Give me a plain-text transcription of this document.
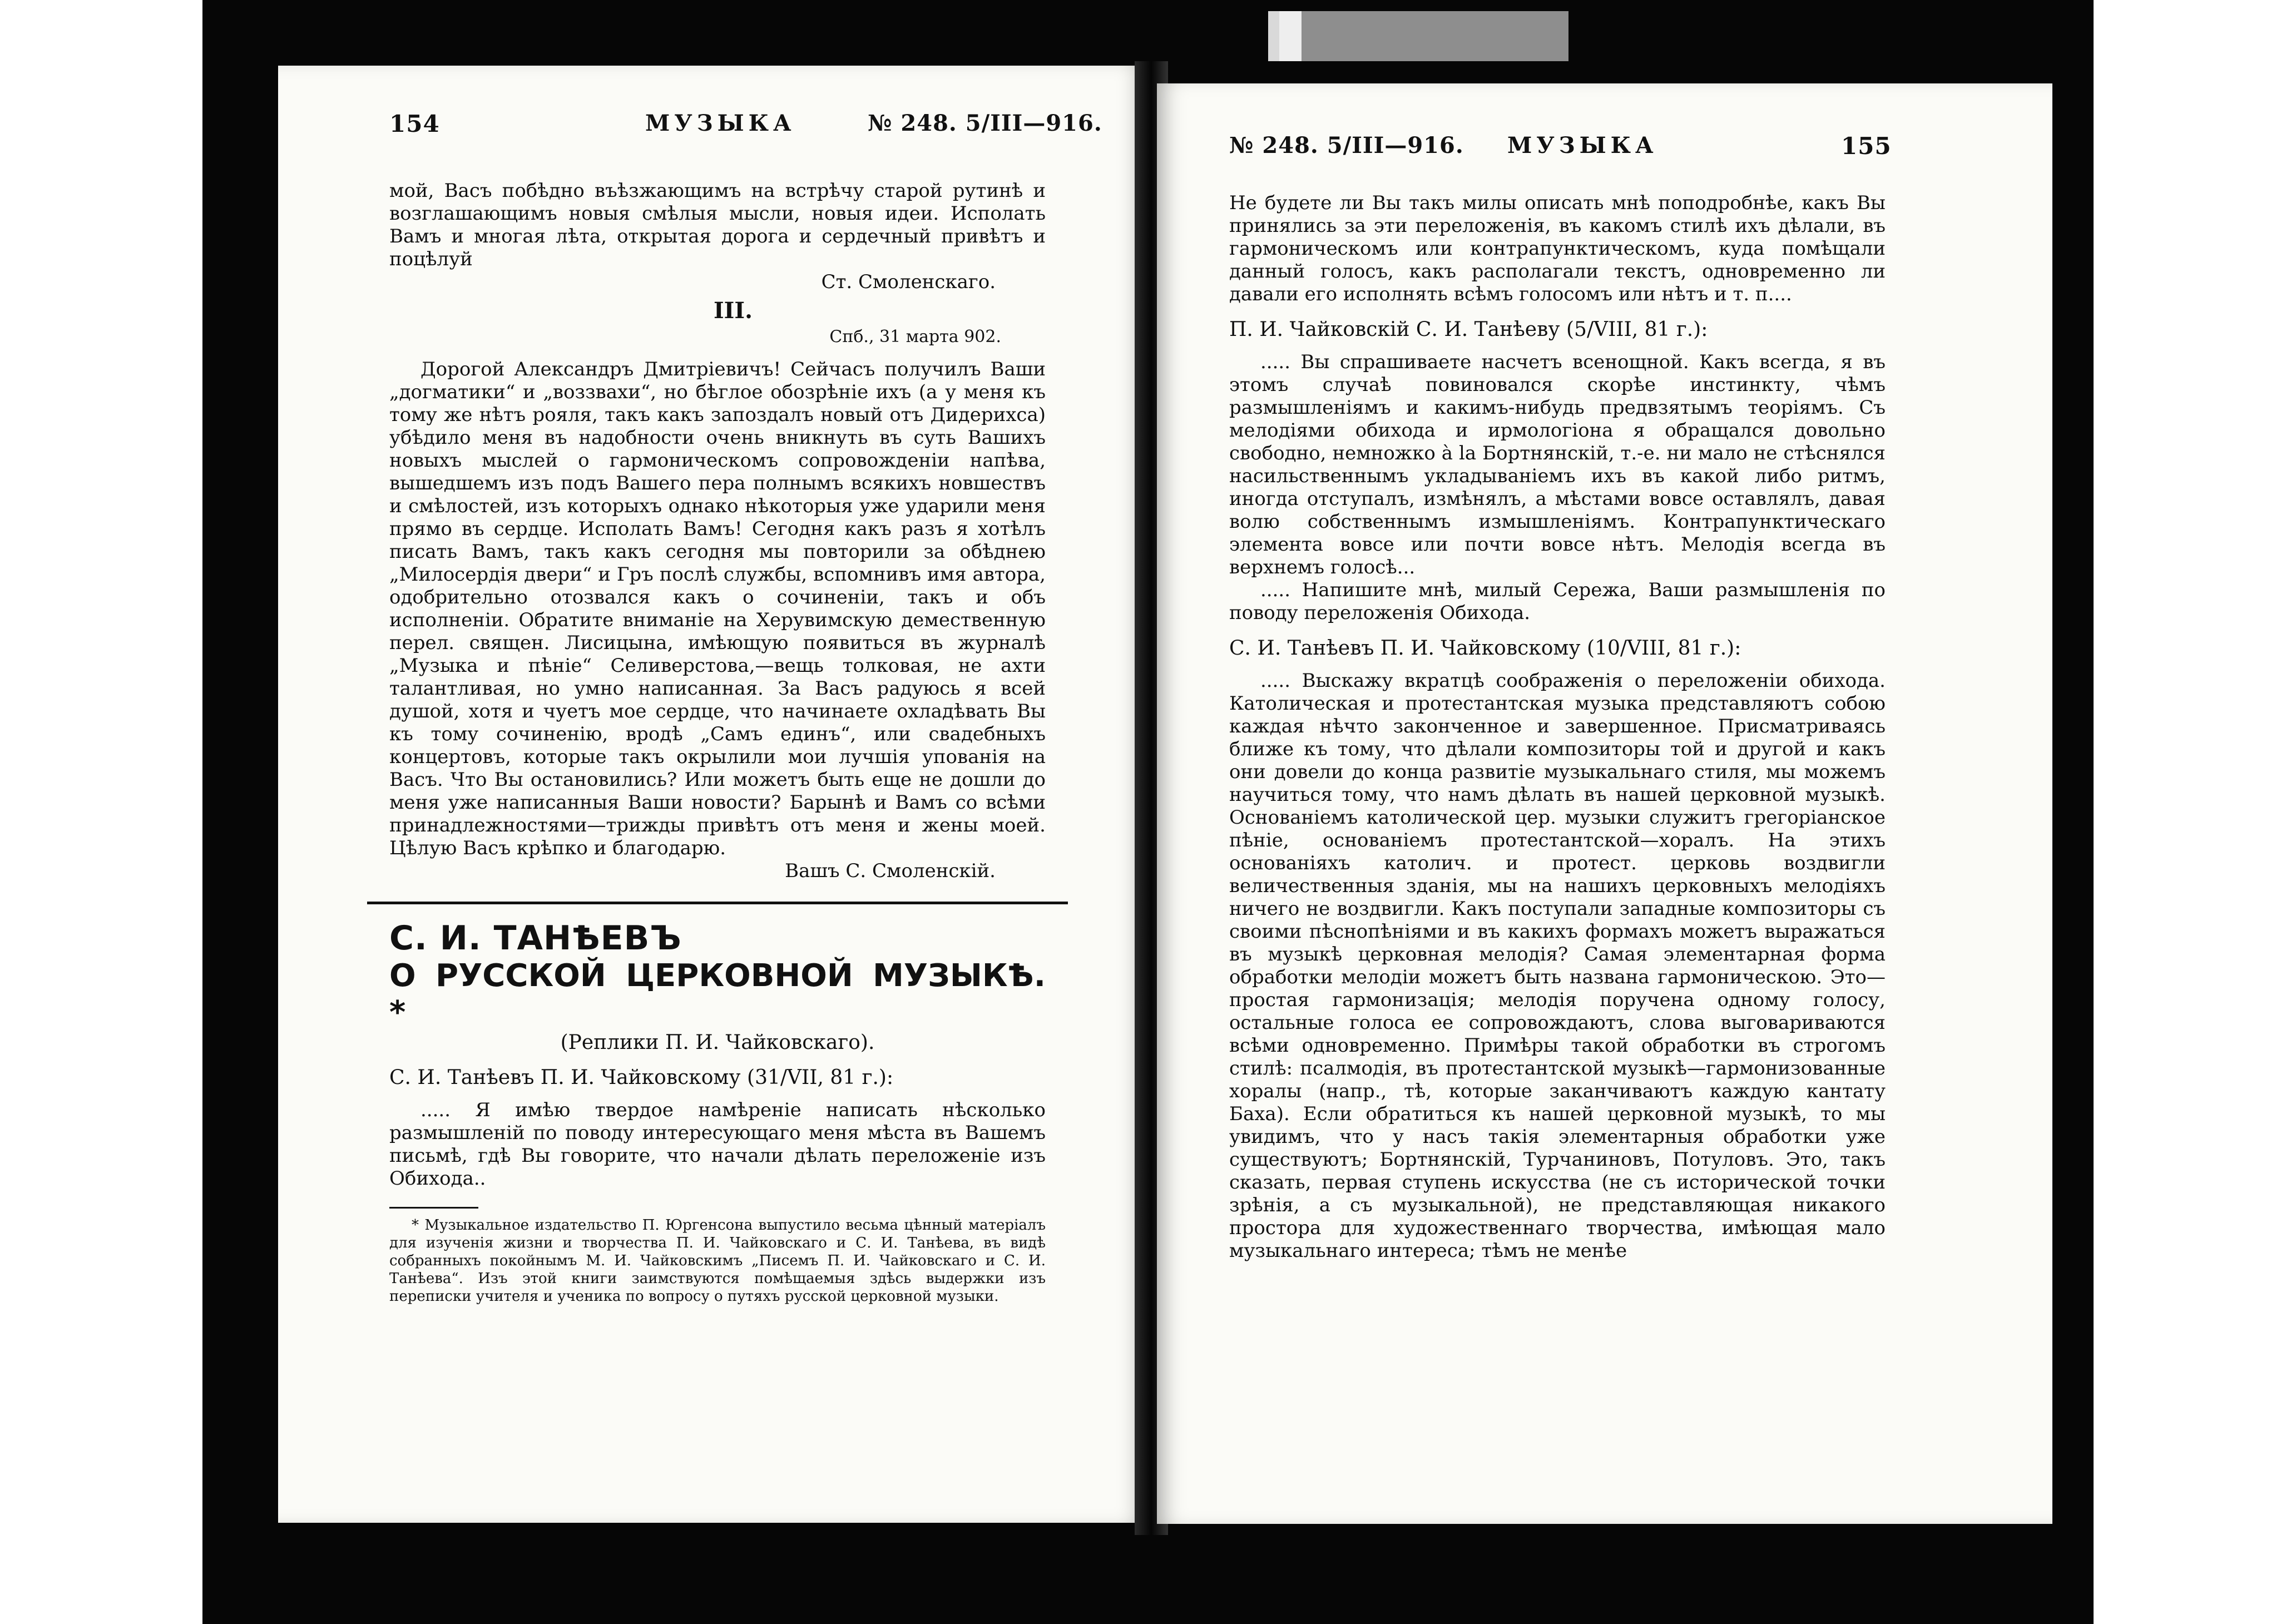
154	МУЗЫКА	№ 248. 5/III—916.

мой, Васъ побѣдно въѣзжающимъ на встрѣчу старой рутинѣ и возглашающимъ новыя смѣлыя мысли, новыя идеи. Исполать Вамъ и многая лѣта, открытая дорога и сердечный привѣтъ и поцѣлуй

Ст. Смоленскаго.

III.

Спб., 31 марта 902.

Дорогой Александръ Дмитріевичъ! Сейчасъ получилъ Ваши „догматики“ и „воззвахи“, но бѣглое обозрѣніе ихъ (а у меня къ тому же нѣтъ рояля, такъ какъ запоздалъ новый отъ Дидерихса) убѣдило меня въ надобности очень вникнуть въ суть Вашихъ новыхъ мыслей о гармоническомъ сопровожденіи напѣва, вышедшемъ изъ подъ Вашего пера полнымъ всякихъ новшествъ и смѣлостей, изъ которыхъ однако нѣкоторыя уже ударили меня прямо въ сердце. Исполать Вамъ! Сегодня какъ разъ я хотѣлъ писать Вамъ, такъ какъ сегодня мы повторили за обѣднею „Милосердія двери“ и Гръ послѣ службы, вспомнивъ имя автора, одобрительно отозвался какъ о сочиненіи, такъ и объ исполненіи. Обратите вниманіе на Херувимскую демественную перел. священ. Лисицына, имѣющую появиться въ журналѣ „Музыка и пѣніе“ Селиверстова,—вещь толковая, не ахти талантливая, но умно написанная. За Васъ радуюсь я всей душой, хотя и чуетъ мое сердце, что начинаете охладѣвать Вы къ тому сочиненію, вродѣ „Самъ единъ“, или свадебныхъ концертовъ, которые такъ окрылили мои лучшія упованія на Васъ. Что Вы остановились? Или можетъ быть еще не дошли до меня уже написанныя Ваши новости? Барынѣ и Вамъ со всѣми принадлежностями—трижды привѣтъ отъ меня и жены моей. Цѣлую Васъ крѣпко и благодарю.

Вашъ С. Смоленскій.

С. И. ТАНѢЕВЪ

О РУССКОЙ ЦЕРКОВНОЙ МУЗЫКѢ. *

(Реплики П. И. Чайковскаго).

С. И. Танѣевъ П. И. Чайковскому (31/VII, 81 г.):

..... Я имѣю твердое намѣреніе написать нѣсколько размышленій по поводу интересующаго меня мѣста въ Вашемъ письмѣ, гдѣ Вы говорите, что начали дѣлать переложеніе изъ Обихода..

* Музыкальное издательство П. Юргенсона выпустило весьма цѣнный матеріалъ для изученія жизни и творчества П. И. Чайковскаго и С. И. Танѣева, въ видѣ собранныхъ покойнымъ М. И. Чайковскимъ „Писемъ П. И. Чайковскаго и С. И. Танѣева“. Изъ этой книги заимствуются помѣщаемыя здѣсь выдержки изъ переписки учителя и ученика по вопросу о путяхъ русской церковной музыки.

№ 248. 5/III—916. МУЗЫКА	155

Не будете ли Вы такъ милы описать мнѣ поподробнѣе, какъ Вы принялись за эти переложенія, въ какомъ стилѣ ихъ дѣлали, въ гармоническомъ или контрапунктическомъ, куда помѣщали данный голосъ, какъ располагали текстъ, одновременно ли давали его исполнять всѣмъ голосомъ или нѣтъ и т. п....

П. И. Чайковскій С. И. Танѣеву (5/VIII, 81 г.):

..... Вы спрашиваете насчетъ всенощной. Какъ всегда, я въ этомъ случаѣ повиновался скорѣе инстинкту, чѣмъ размышленіямъ и какимъ-нибудь предвзятымъ теоріямъ. Съ мелодіями обихода и ирмологіона я обращался довольно свободно, немножко à la Бортнянскій, т.-е. ни мало не стѣснялся насильственнымъ укладываніемъ ихъ въ какой либо ритмъ, иногда отступалъ, измѣнялъ, а мѣстами вовсе оставлялъ, давая волю собственнымъ измышленіямъ. Контрапунктическаго элемента вовсе или почти вовсе нѣтъ. Мелодія всегда въ верхнемъ голосѣ...

..... Напишите мнѣ, милый Сережа, Ваши размышленія по поводу переложенія Обихода.

С. И. Танѣевъ П. И. Чайковскому (10/VIII, 81 г.):

..... Выскажу вкратцѣ соображенія о переложеніи обихода. Католическая и протестантская музыка представляютъ собою каждая нѣчто законченное и завершенное. Присматриваясь ближе къ тому, что дѣлали композиторы той и другой и какъ они довели до конца развитіе музыкальнаго стиля, мы можемъ научиться тому, что намъ дѣлать въ нашей церковной музыкѣ. Основаніемъ католической цер. музыки служитъ грегоріанское пѣніе, основаніемъ протестантской—хоралъ. На этихъ основаніяхъ католич. и протест. церковь воздвигли величественныя зданія, мы на нашихъ церковныхъ мелодіяхъ ничего не воздвигли. Какъ поступали западные композиторы съ своими пѣснопѣніями и въ какихъ формахъ можетъ выражаться въ музыкѣ церковная мелодія? Самая элементарная форма обработки мелодіи можетъ быть названа гармоническою. Это—простая гармонизація; мелодія поручена одному голосу, остальные голоса ее сопровождаютъ, слова выговариваются всѣми одновременно. Примѣры такой обработки въ строгомъ стилѣ: псалмодія, въ протестантской музыкѣ—гармонизованные хоралы (напр., тѣ, которые заканчиваютъ каждую кантату Баха). Если обратиться къ нашей церковной музыкѣ, то мы увидимъ, что у насъ такія элементарныя обработки уже существуютъ; Бортнянскій, Турчаниновъ, Потуловъ. Это, такъ сказать, первая ступень искусства (не съ исторической точки зрѣнія, а съ музыкальной), не представляющая никакого простора для художественнаго творчества, имѣющая мало музыкальнаго интереса; тѣмъ не менѣе
